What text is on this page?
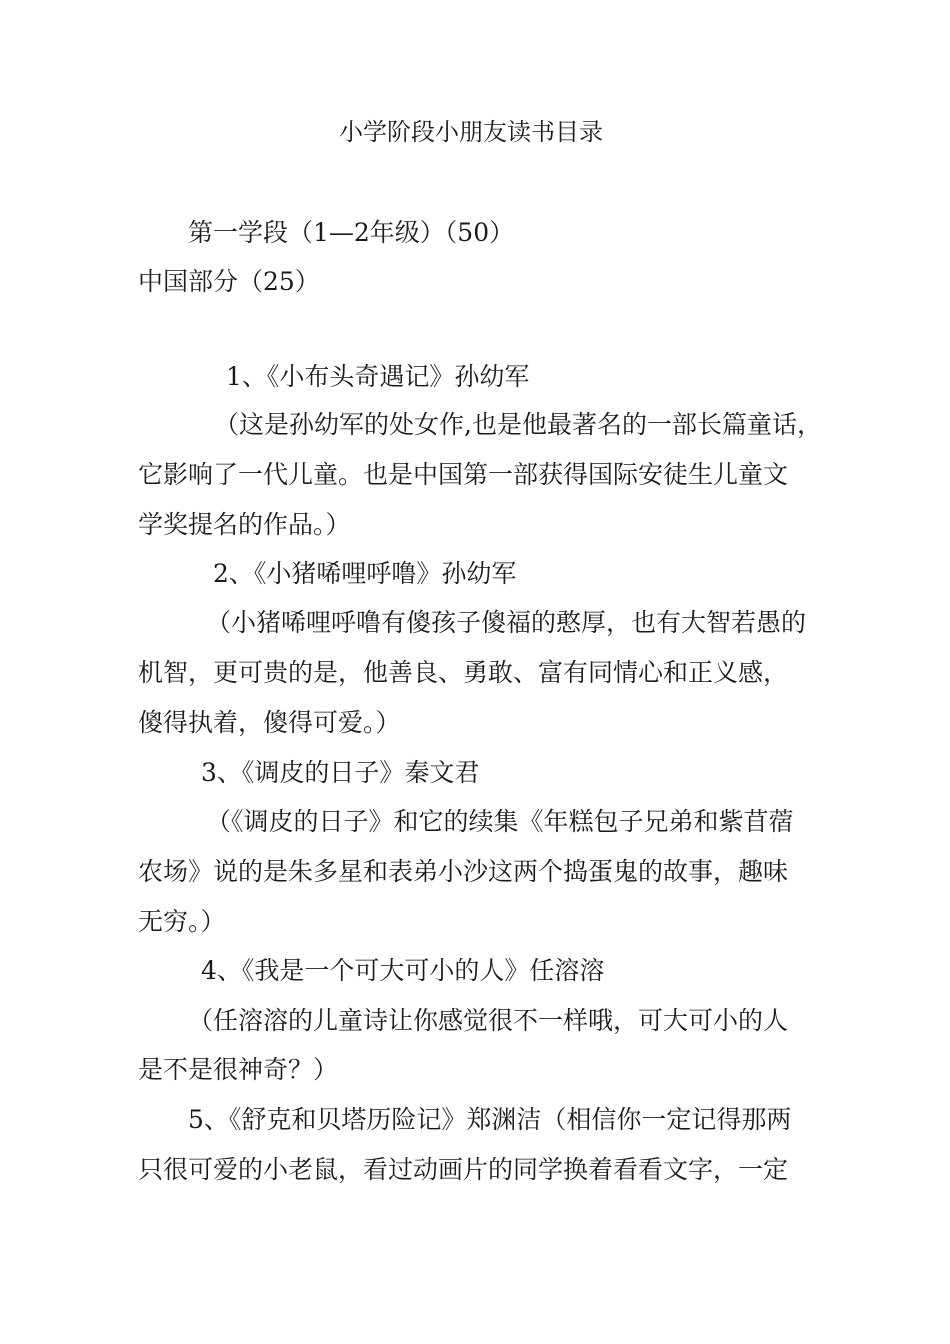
小学阶段小朋友读书目录
第一学段（1—2年级）（50）
中国部分（25）
1、《小布头奇遇记》孙幼军
（这是孙幼军的处女作,也是他最著名的一部长篇童话，
它影响了一代儿童。也是中国第一部获得国际安徒生儿童文
学奖提名的作品。）
2、《小猪唏哩呼噜》孙幼军
（小猪唏哩呼噜有傻孩子傻福的憨厚，也有大智若愚的
机智，更可贵的是，他善良、勇敢、富有同情心和正义感，
傻得执着，傻得可爱。）
3、《调皮的日子》秦文君
（《调皮的日子》和它的续集《年糕包子兄弟和紫苜蓿
农场》说的是朱多星和表弟小沙这两个捣蛋鬼的故事，趣味
无穷。）
4、《我是一个可大可小的人》任溶溶
（任溶溶的儿童诗让你感觉很不一样哦，可大可小的人
是不是很神奇？）
5、《舒克和贝塔历险记》郑渊洁（相信你一定记得那两
只很可爱的小老鼠，看过动画片的同学换着看看文字，一定
